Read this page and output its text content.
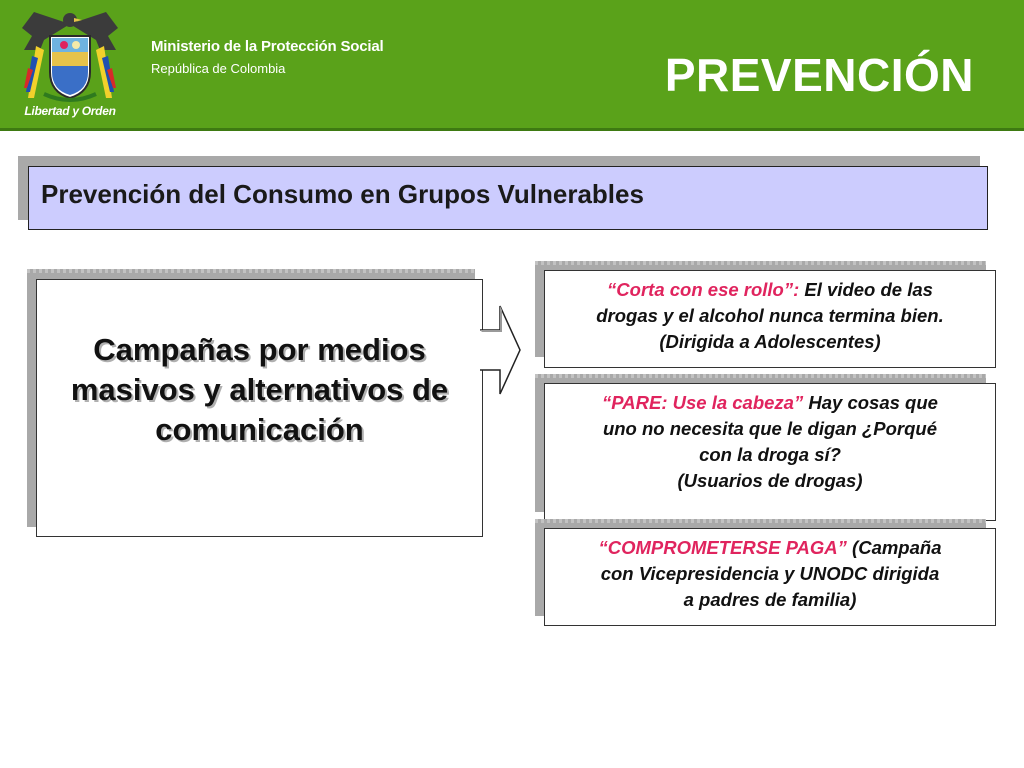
Libertad y Orden
Ministerio de la Protección Social
República de Colombia	PREVENCIÓN
Prevención del Consumo en Grupos Vulnerables
Campañas por medios
masivos y alternativos de
comunicación
“Corta con ese rollo”: El video de las
drogas y el alcohol nunca termina bien.
(Dirigida a Adolescentes)
“PARE: Use la cabeza” Hay cosas que
uno no necesita que le digan ¿Porqué
con la droga sí?
(Usuarios de drogas)
“COMPROMETERSE PAGA” (Campaña
con Vicepresidencia y UNODC dirigida
a padres de familia)
